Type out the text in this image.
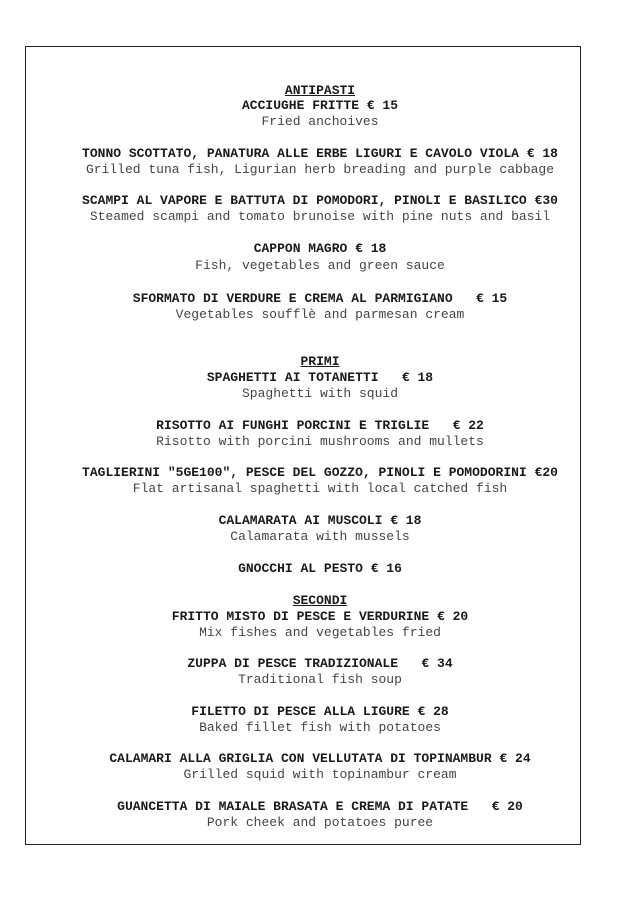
ANTIPASTI
ACCIUGHE FRITTE € 15
Fried anchoives
TONNO SCOTTATO, PANATURA ALLE ERBE LIGURI E CAVOLO VIOLA € 18
Grilled tuna fish, Ligurian herb breading and purple cabbage
SCAMPI AL VAPORE E BATTUTA DI POMODORI, PINOLI E BASILICO €30
Steamed scampi and tomato brunoise with pine nuts and basil
CAPPON MAGRO € 18
Fish, vegetables and green sauce
SFORMATO DI VERDURE E CREMA AL PARMIGIANO   € 15
Vegetables soufflè and parmesan cream
PRIMI
SPAGHETTI AI TOTANETTI   € 18
Spaghetti with squid
RISOTTO AI FUNGHI PORCINI E TRIGLIE   € 22
Risotto with porcini mushrooms and mullets
TAGLIERINI "5GE100", PESCE DEL GOZZO, PINOLI E POMODORINI €20
Flat artisanal spaghetti with local catched fish
CALAMARATA AI MUSCOLI € 18
Calamarata with mussels
GNOCCHI AL PESTO € 16
SECONDI
FRITTO MISTO DI PESCE E VERDURINE € 20
Mix fishes and vegetables fried
ZUPPA DI PESCE TRADIZIONALE   € 34
Traditional fish soup
FILETTO DI PESCE ALLA LIGURE € 28
Baked fillet fish with potatoes
CALAMARI ALLA GRIGLIA CON VELLUTATA DI TOPINAMBUR € 24
Grilled squid with topinambur cream
GUANCETTA DI MAIALE BRASATA E CREMA DI PATATE   € 20
Pork cheek and potatoes puree
